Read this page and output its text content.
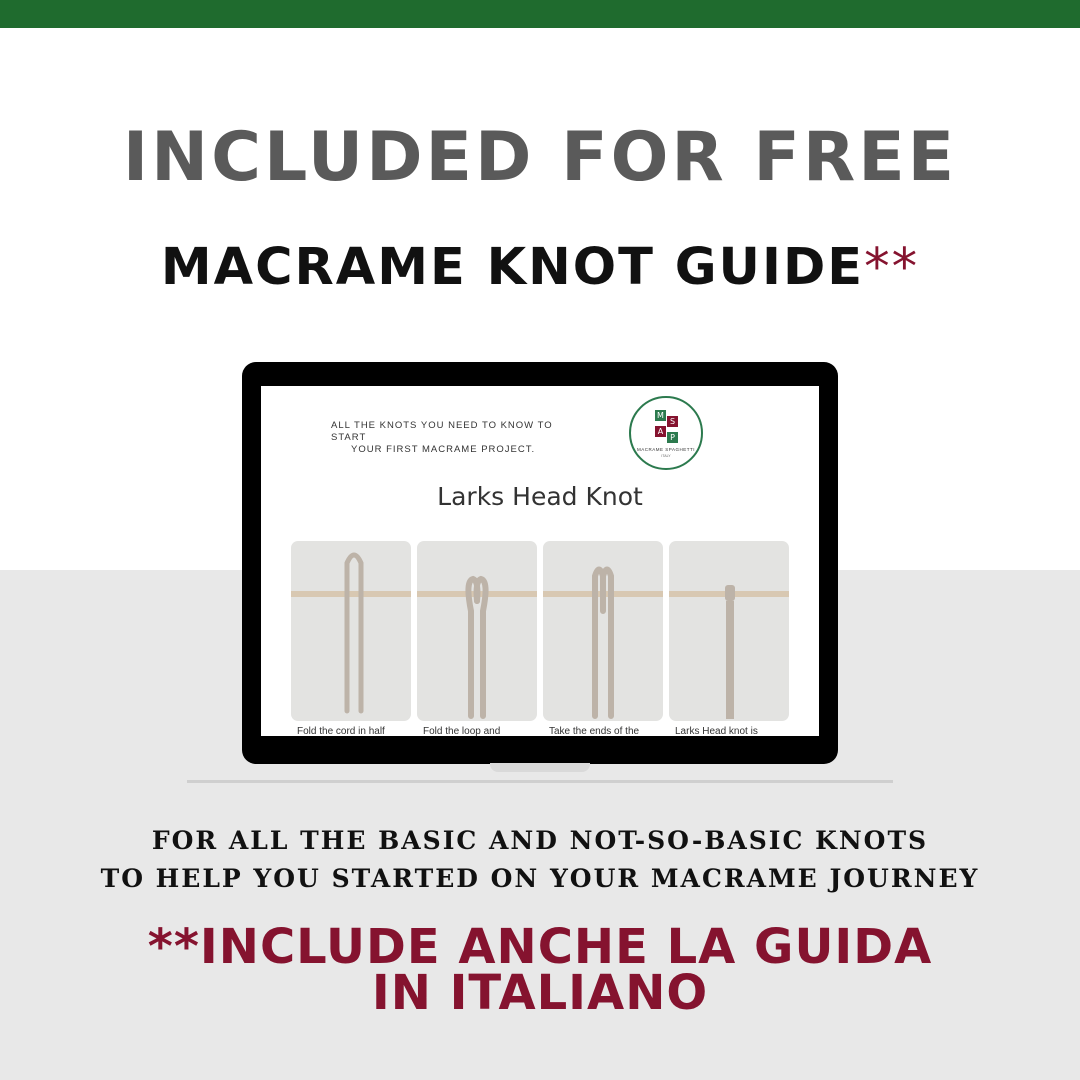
INCLUDED FOR FREE
MACRAME KNOT GUIDE**
ALL THE KNOTS YOU NEED TO KNOW TO START
YOUR FIRST MACRAME PROJECT.
M
S
A
P
MACRAME SPAGHETTI
ITALY
Larks Head Knot
Fold the cord in half	Fold the loop and	Take the ends of the	Larks Head knot is
FOR ALL THE BASIC AND NOT-SO-BASIC KNOTS
TO HELP YOU STARTED ON YOUR MACRAME JOURNEY
**INCLUDE ANCHE LA GUIDA
IN ITALIANO
